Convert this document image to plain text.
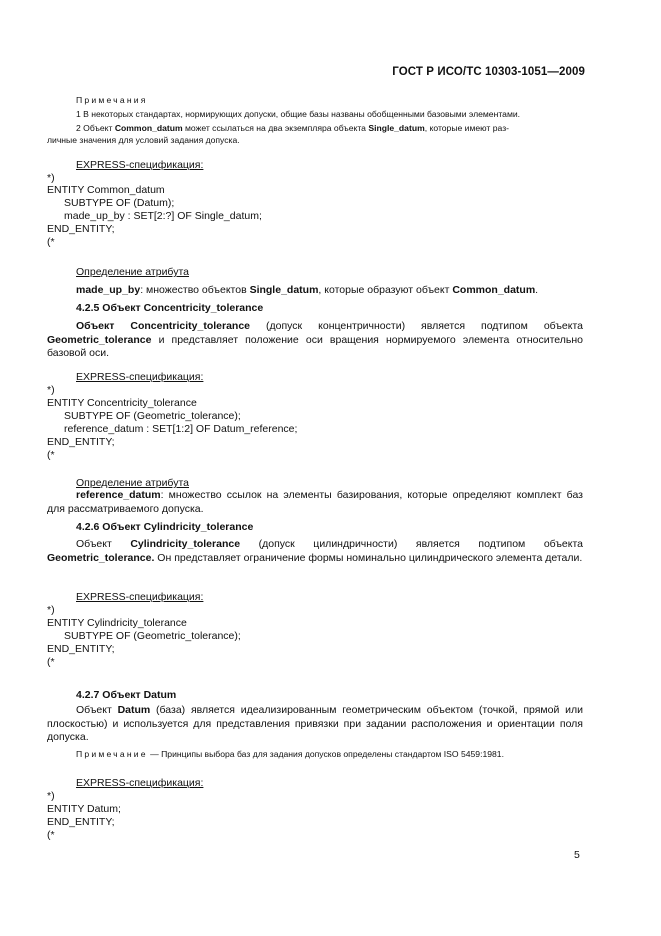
ГОСТ Р ИСО/ТС 10303-1051—2009
Примечания
1 В некоторых стандартах, нормирующих допуски, общие базы названы обобщенными базовыми элементами.
2 Объект Common_datum может ссылаться на два экземпляра объекта Single_datum, которые имеют раз-
личные значения для условий задания допуска.
EXPRESS-спецификация:
*)
ENTITY Common_datum
SUBTYPE OF (Datum);
made_up_by : SET[2:?] OF Single_datum;
END_ENTITY;
(*
Определение атрибута
made_up_by: множество объектов Single_datum, которые образуют объект Common_datum.
4.2.5 Объект Concentricity_tolerance
Объект Concentricity_tolerance (допуск концентричности) является подтипом объекта Geometric_tolerance и представляет положение оси вращения нормируемого элемента относительно базовой оси.
EXPRESS-спецификация:
*)
ENTITY Concentricity_tolerance
SUBTYPE OF (Geometric_tolerance);
reference_datum : SET[1:2] OF Datum_reference;
END_ENTITY;
(*
Определение атрибута
reference_datum: множество ссылок на элементы базирования, которые определяют комплект баз для рассматриваемого допуска.
4.2.6 Объект Cylindricity_tolerance
Объект Cylindricity_tolerance (допуск цилиндричности) является подтипом объекта Geometric_tolerance. Он представляет ограничение формы номинально цилиндрического элемента детали.
EXPRESS-спецификация:
*)
ENTITY Cylindricity_tolerance
SUBTYPE OF (Geometric_tolerance);
END_ENTITY;
(*
4.2.7 Объект Datum
Объект Datum (база) является идеализированным геометрическим объектом (точкой, прямой или плоскостью) и используется для представления привязки при задании расположения и ориентации поля допуска.
Примечание — Принципы выбора баз для задания допусков определены стандартом ISO 5459:1981.
EXPRESS-спецификация:
*)
ENTITY Datum;
END_ENTITY;
(*
5
